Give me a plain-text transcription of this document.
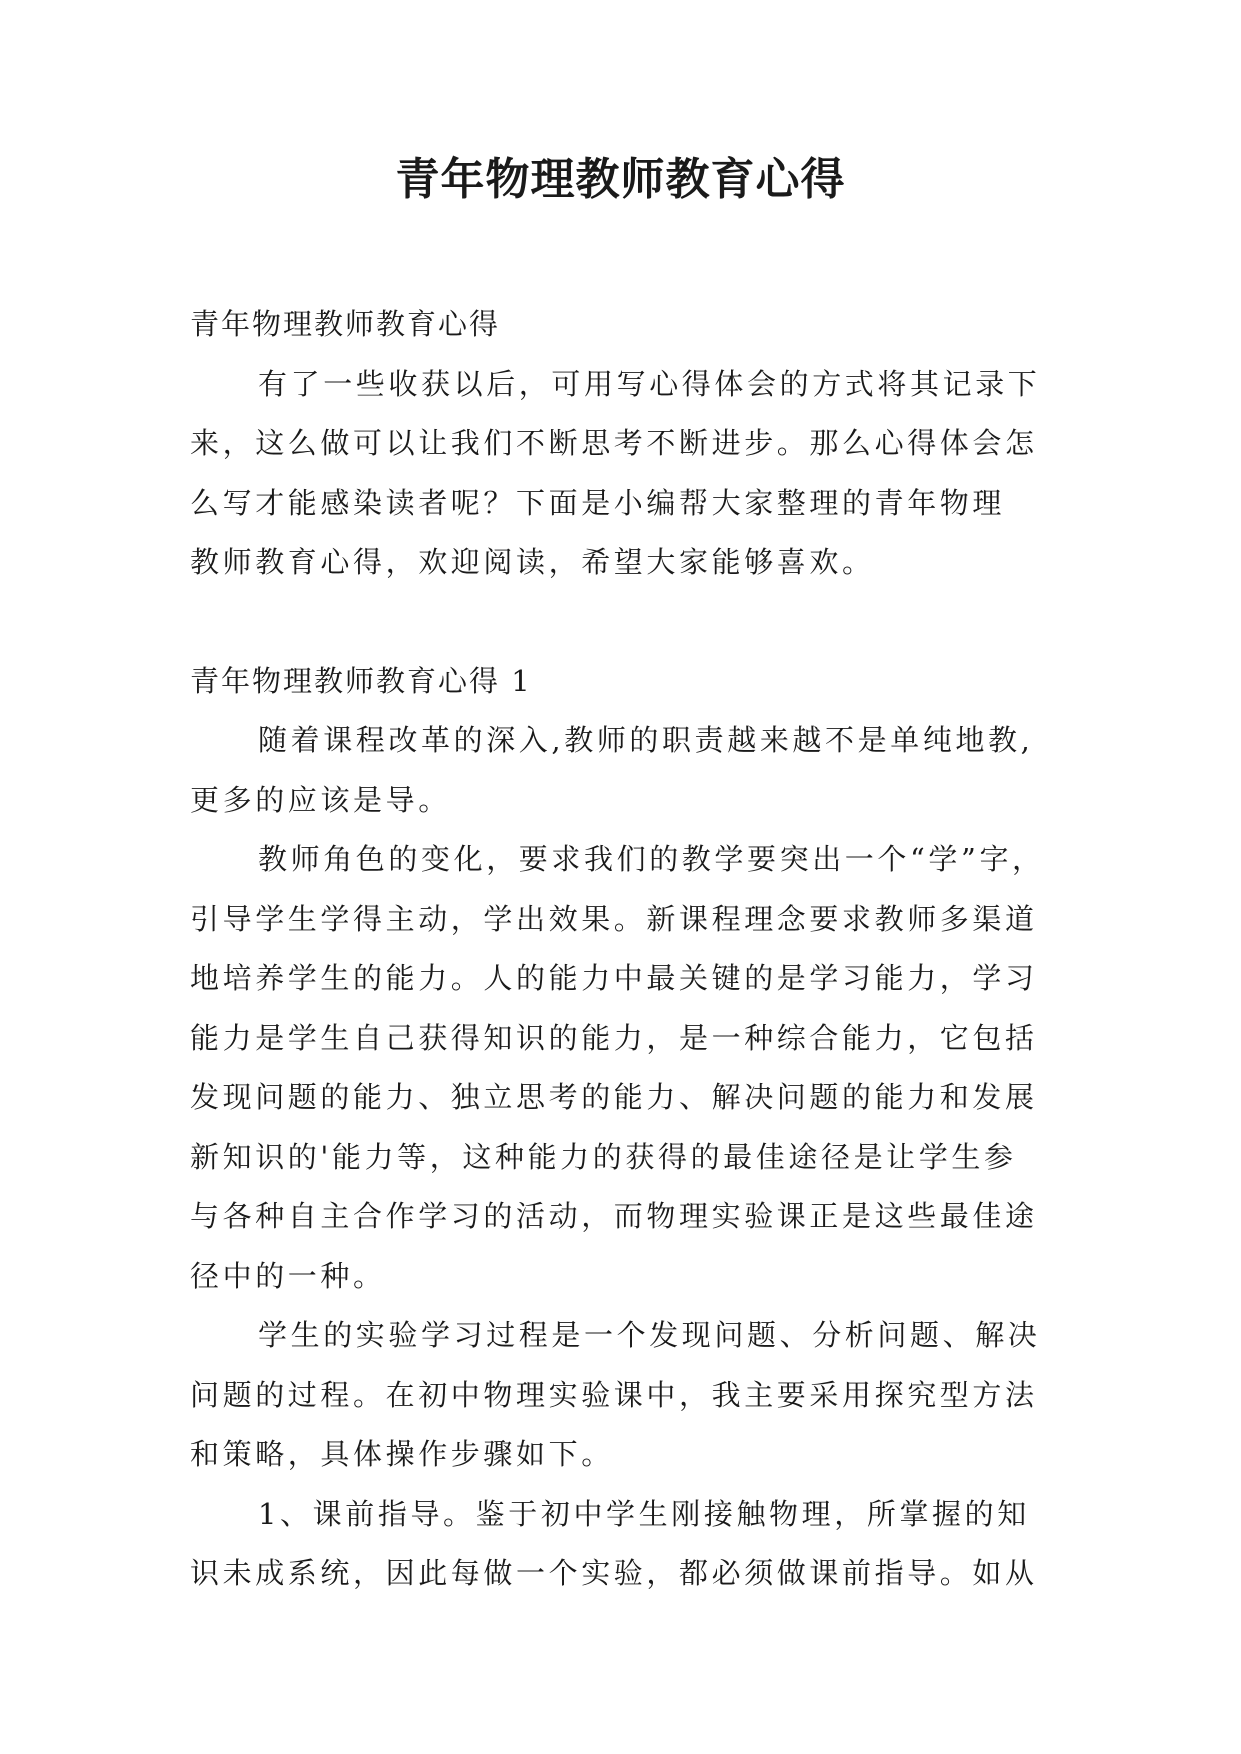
青年物理教师教育心得

青年物理教师教育心得

有了一些收获以后，可用写心得体会的方式将其记录下

来，这么做可以让我们不断思考不断进步。那么心得体会怎

么写才能感染读者呢？下面是小编帮大家整理的青年物理

教师教育心得，欢迎阅读，希望大家能够喜欢。

青年物理教师教育心得 1

随着课程改革的深入,教师的职责越来越不是单纯地教,

更多的应该是导。

教师角色的变化，要求我们的教学要突出一个“学”字，

引导学生学得主动，学出效果。新课程理念要求教师多渠道

地培养学生的能力。人的能力中最关键的是学习能力，学习

能力是学生自己获得知识的能力，是一种综合能力，它包括

发现问题的能力、独立思考的能力、解决问题的能力和发展

新知识的'能力等，这种能力的获得的最佳途径是让学生参

与各种自主合作学习的活动，而物理实验课正是这些最佳途

径中的一种。

学生的实验学习过程是一个发现问题、分析问题、解决

问题的过程。在初中物理实验课中，我主要采用探究型方法

和策略，具体操作步骤如下。

1、课前指导。鉴于初中学生刚接触物理，所掌握的知

识未成系统，因此每做一个实验，都必须做课前指导。如从
